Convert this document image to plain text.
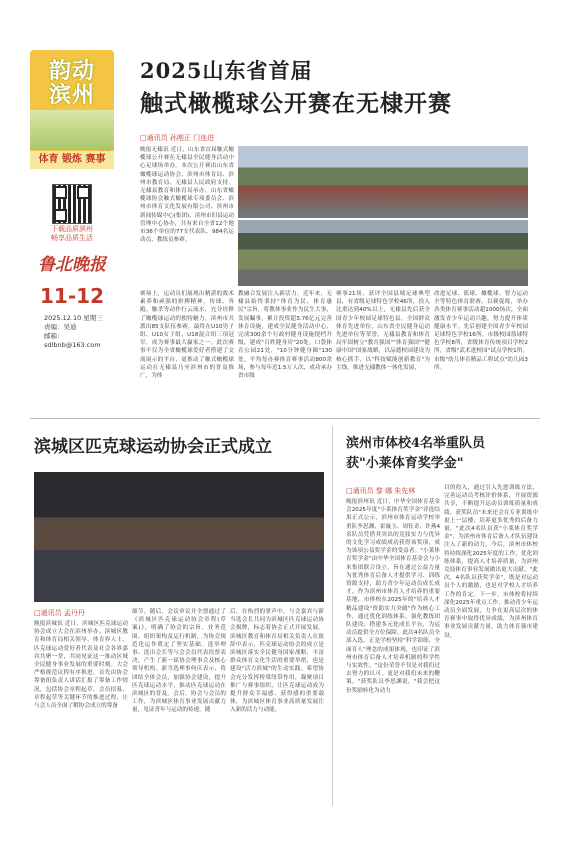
韵动
滨州
体育 锻炼 赛事
下载品质滨州
畅享品质生活
鲁北晚报
11-12
2025.12.10 星期三
责编：吴迪
邮箱：sdlbnb@163.com
2025山东省首届
触式橄榄球公开赛在无棣开赛
□通讯员 孙刚正 门连进
晚报无棣讯 近日，山东省首届触式橄榄球公开赛在无棣县全民健身活动中心足球场举办。本次公开赛由山东省橄榄球运动协会、滨州市体育局、滨州市教育局、无棣县人民政府支持，无棣县教育和体育局承办，山东省橄榄球协会触式橄榄球专项委员会、滨州市体育文化发展有限公司、滨州市新闻传媒中心(集团)、滨州市旧县运动管理中心协办，共有来自全省12个地市36个单位的77支代表队、984名运动员、教练员参赛。
赛场上，运动员们展现出精湛的战术素养和顽强的拼搏精神，传球、奔跑、触杀等动作行云流水，充分诠释了橄榄球运动的独特魅力。滨州市共派出85支队伍参赛，最终在U10男子组、U10女子组、U18混合组三项冠军，成为赛事最大赢家之一。此次赛事不仅为全省橄榄球爱好者搭建了交流展示的平台，更推动了触式橄榄球运动在无棣县乃至滨州市的普及推广，为体
教融合发展注入新活力。近年来，无棣县始终秉持"体育为民、体育惠民"宗旨，将教体事业作为民生大事，发展瞩事，累计投资超3.76亿元完善体育设施，建成全民健身活动中心，完成300余个行政村健身设施提档升级，建成"百姓健身房"20处，口袋体育公园21处，"10分钟健身圈"130处，平均每办赛体育赛事活动800余场，参与每年近1.5万人次，成功承办省市级
赛事21场，获评全国县域足球典型县，有省级足球特色学校46所，投入比重达到40%以上，无棣县先后获全国青少年校园足球特色县，全国群众体育先进单位，山东省全民健身运动先进单位等荣誉。无棣县教育和体育局牢固树立"教育强国""体育强国""健康中国"国家战略，以品德校园建设为核心抓手，以"科技赋能创新教育"为主线，推进无棣教体一体化发展，
改进足球、篮球、橄榄球、智力运动全等特色体育联赛，以赛促练，举办各类体育赛事活动超1000场次，全面激发青少年运动兴趣，努力提升体质健康水平。先后创建全国青少年校园足球特色学校16所，市级校园篮球特色学校8所，省级体育传统项目学校2所，省级"武术进校园"试点学校1所，市级"幼儿体育精品工程试点"幼儿园3所。
滨城区匹克球运动协会正式成立
□通讯员 孟丹丹
晚报滨城讯 近日，滨城区匹克球运动协会成立大会在滨州举办。滨城区教育和体育局相关领导、体育界人士、匹克球运动爱好者代表及社会各界嘉宾共聚一堂，共同见证这一推动区域全民健身事业发展的重要时刻。大会严格规范议程有序推进，首先由协会筹备组负责人讲话汇报了筹备工作情况，包括协会章程起草、会员招募、章程起草等关键环节的推进过程，让与会人员全面了解协会成立的筹备
细节。随后，会议审议并全票通过了《滨城区匹克球运动协会章程(草案)》，明确了协会的宗旨、业务范围、组织架构及运行机制，为协会规范化运作奠定了坚实基础。选举理事、选出会长等与会会员代表投票表决，产生了新一届协会理事会及核心领导机构。新当选理事何庆表示，将团结全体会员，加强协会建设，提升匹克球运动水平，推动匹克球运动在滨城区的普及。会后，协会与会员的工作，为滨城区体育事业发展贡献力量，见证青年与运动的传递。随
后，在热烈的掌声中，与会嘉宾与新当选会长共同为滨城区匹克球运动协会揭牌，标志着协会正式开展发展。滨城区教育和体育局相关负责人在致辞中表示，匹克球运动协会的成立是滨城区落实全民健身国家战略，丰富群众体育文化生活的重要举措，也是建设"活力滨城"的生动实践。希望协会充分发挥桥梁纽带作用，凝聚项目推广与赛事组织，让匹克球运动成为提升群众幸福感、获得感的重要载体，为滨城区体育事业高质量发展注入新的活力与动能。
滨州市体校4名举重队员
获"小莱体育奖学金"
□通讯员 黎 娜 朱先林
晚报滨州讯 近日，中华全国体育基金会2025年度"小莱体育奖学金"评选结果正式公示，滨州市体育运动学校举重队李思渊、霍璇玉、周钰奇、许燕4名队员凭借其突出的竞技实力与优异的文化学习成绩成功获得该奖项，成为该项公益奖学金的受益者。"小莱体育奖学金"由中华全国体育基金会与小米集团联合设立，旨在通过公益力量为优秀体育后备人才提供学习、训练资源支持，助力青少年运动员成长成才，作为滨州市体育人才培养的重要基地，市体校在2025年的"培养人才精品建设"资助实力突破"作为核心工作，通过优化训练体系、强化教练团队建设、搭建多元化成长平台，为运动员提供全方位保障，此次4名队员全部入选，正是学校坚持"科学训练、全面育人"理念的成果体现，也印证了滨州市体育后备人才培养机制的科学性与实效性。"这份荣誉不仅是对我们过去努力的认可，更是对我们未来的鞭策。"获奖队员李思渊说，"我会把这份奖励转化为动力
目的投入，通过引入先进训练方法，完善运动员考核评价体系，开展资源共享，不断提升运动员训练质量和成绩。获奖队员"未来还会在专业训练中更上一层楼，培养更多优秀的后备力量。"此次4名队员获"小莱体育奖学金"，为滨州市体育后备人才队伍建设注入了新的动力。今后，滨州市体校将持续深化2025年度的工作，优化训练体系，提高人才培养质量，为滨州竞技体育事业发展做出更大贡献。"此次，4名队员获奖学金"，既是对运动员个人的激励，也是对学校人才培养工作的肯定。下一步，市体校将持续深化2025年重点工作，推动青少年运动员全面发展，力争在更高层次的体育赛事中取得优异成绩，为滨州体育事业发展贡献力量，助力体育强市建设。
